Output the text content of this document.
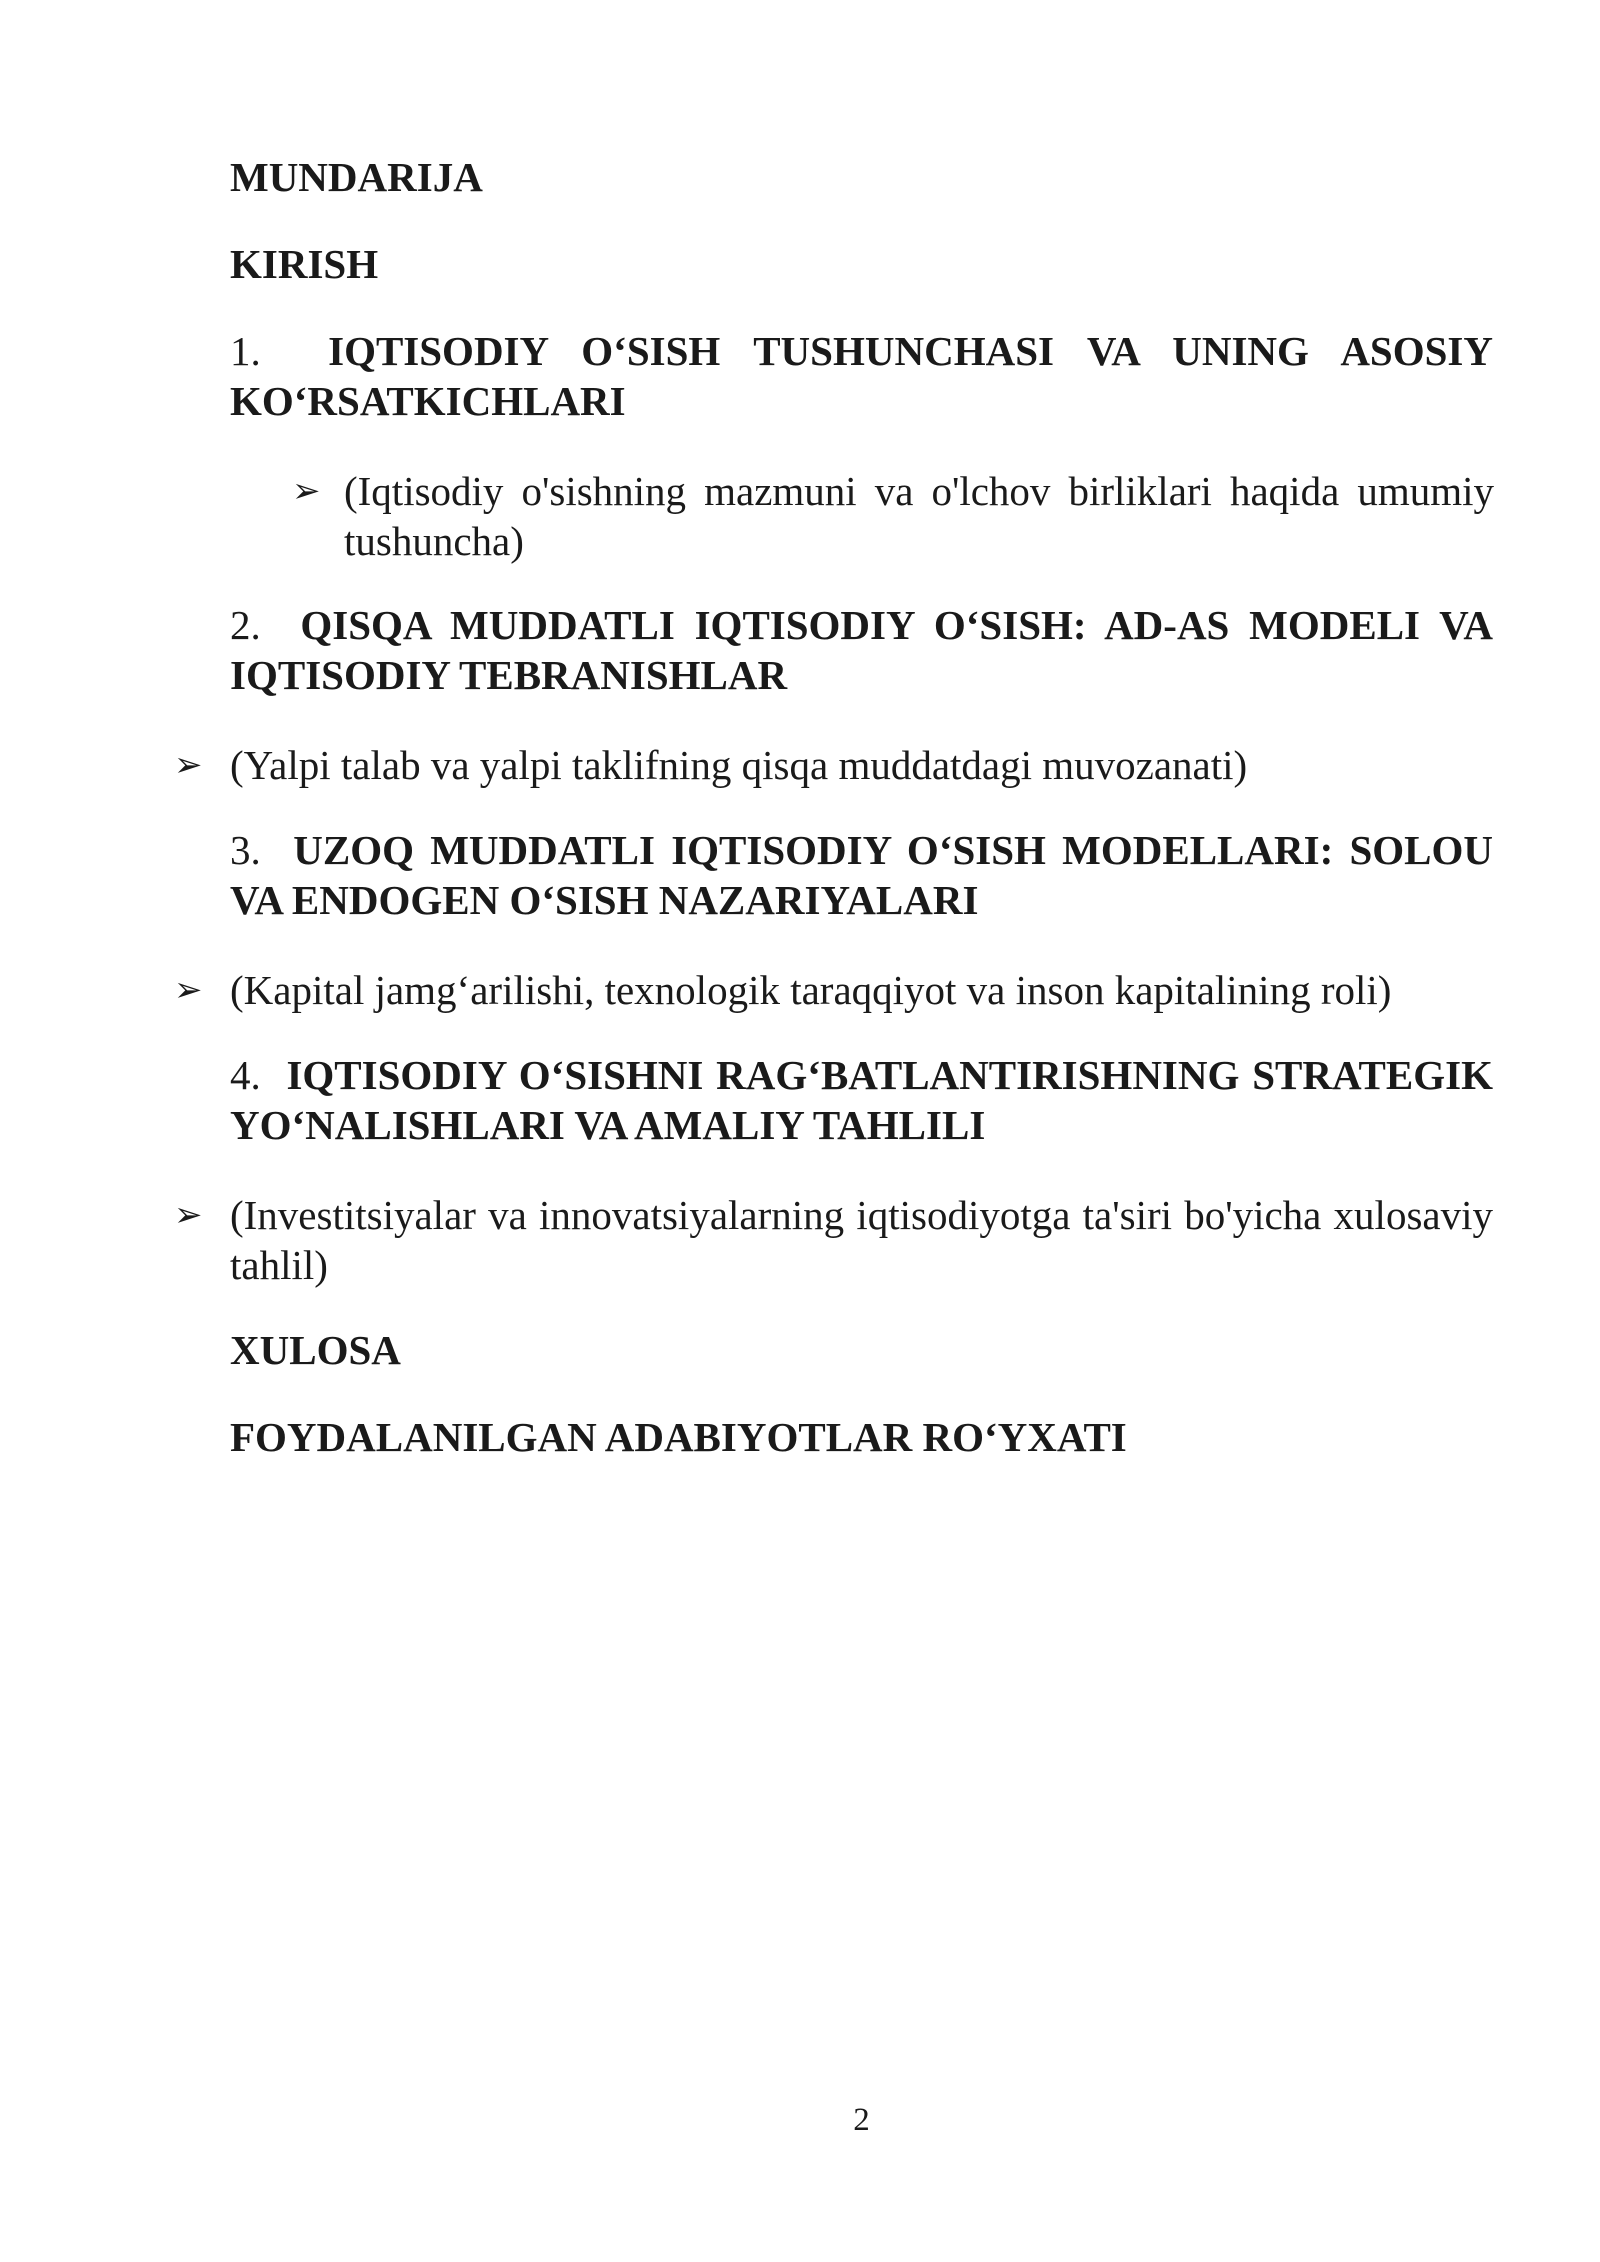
MUNDARIJA

KIRISH

1. IQTISODIY O‘SISH TUSHUNCHASI VA UNING ASOSIY KO‘RSATKICHLARI

➢ (Iqtisodiy o'sishning mazmuni va o'lchov birliklari haqida umumiy tushuncha)

2. QISQA MUDDATLI IQTISODIY O‘SISH: AD-AS MODELI VA IQTISODIY TEBRANISHLAR

➢ (Yalpi talab va yalpi taklifning qisqa muddatdagi muvozanati)

3. UZOQ MUDDATLI IQTISODIY O‘SISH MODELLARI: SOLOU VA ENDOGEN O‘SISH NAZARIYALARI

➢ (Kapital jamg‘arilishi, texnologik taraqqiyot va inson kapitalining roli)

4. IQTISODIY O‘SISHNI RAG‘BATLANTIRISHNING STRATEGIK YO‘NALISHLARI VA AMALIY TAHLILI

➢ (Investitsiyalar va innovatsiyalarning iqtisodiyotga ta'siri bo'yicha xulosaviy tahlil)

XULOSA

FOYDALANILGAN ADABIYOTLAR RO‘YXATI

2
